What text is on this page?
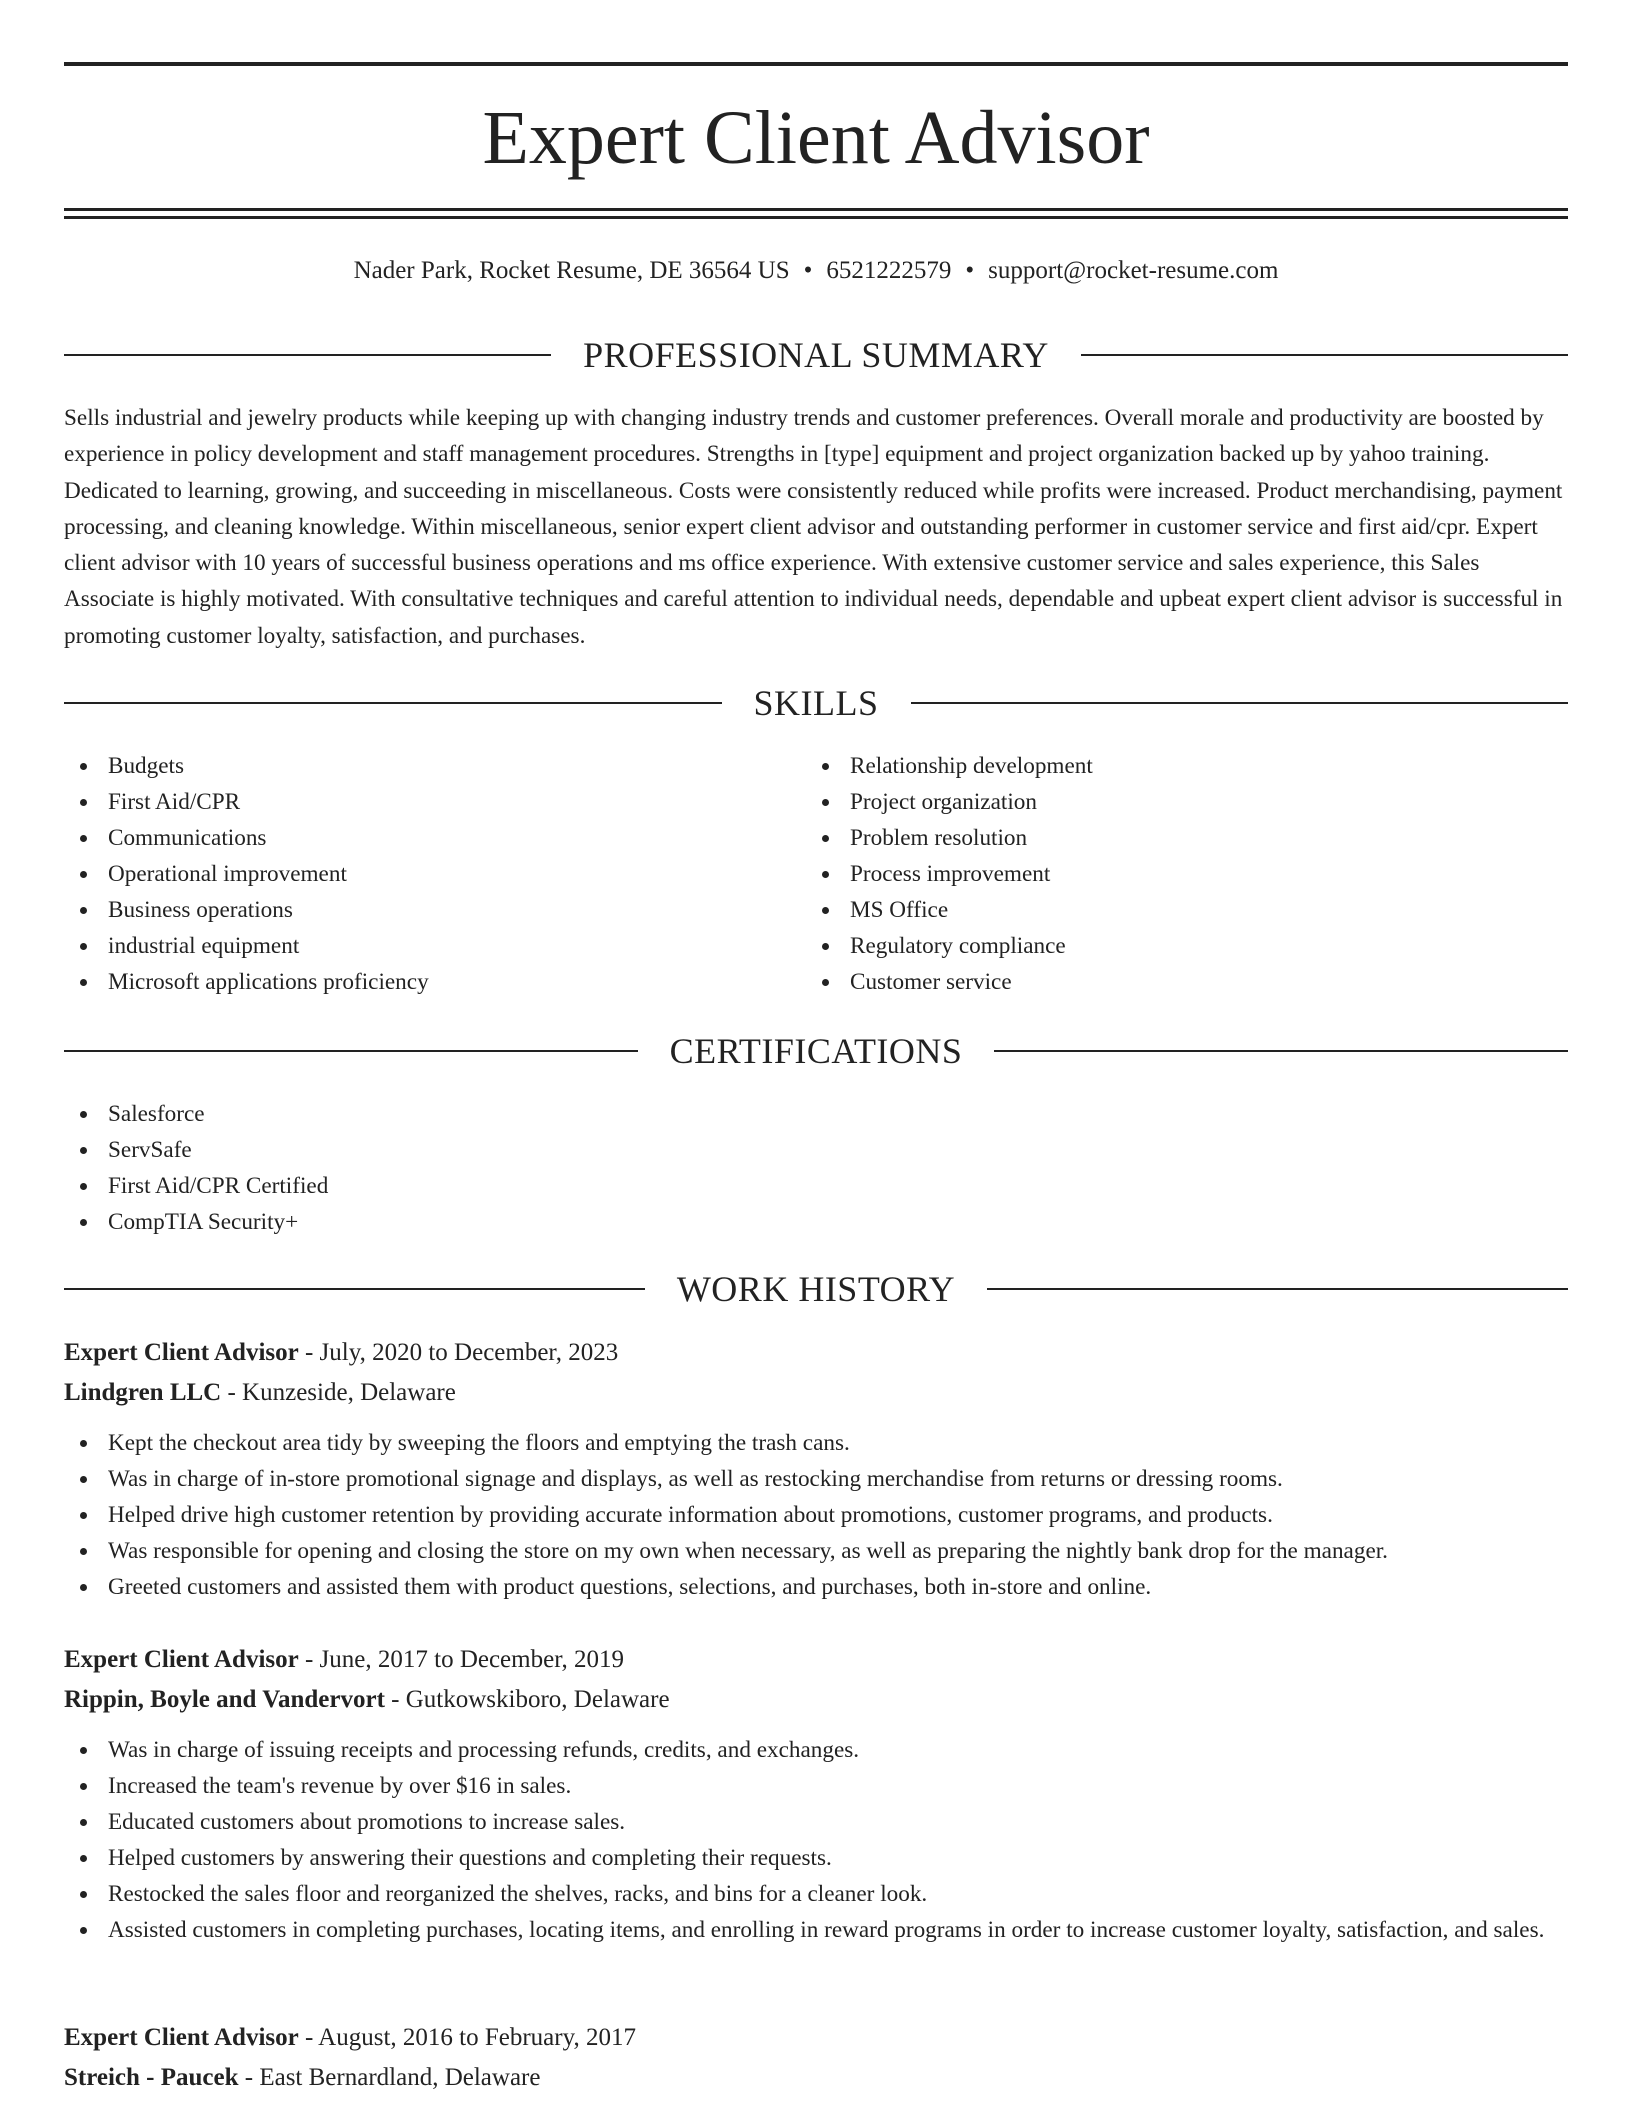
Expert Client Advisor
Nader Park, Rocket Resume, DE 36564 US • 6521222579 • support@rocket-resume.com
PROFESSIONAL SUMMARY

Sells industrial and jewelry products while keeping up with changing industry trends and customer preferences. Overall morale and productivity are boosted by experience in policy development and staff management procedures. Strengths in [type] equipment and project organization backed up by yahoo training. Dedicated to learning, growing, and succeeding in miscellaneous. Costs were consistently reduced while profits were increased. Product merchandising, payment processing, and cleaning knowledge. Within miscellaneous, senior expert client advisor and outstanding performer in customer service and first aid/cpr. Expert client advisor with 10 years of successful business operations and ms office experience. With extensive customer service and sales experience, this Sales Associate is highly motivated. With consultative techniques and careful attention to individual needs, dependable and upbeat expert client advisor is successful in promoting customer loyalty, satisfaction, and purchases.

SKILLS
Budgets
First Aid/CPR
Communications
Operational improvement
Business operations
industrial equipment
Microsoft applications proficiency
Relationship development
Project organization
Problem resolution
Process improvement
MS Office
Regulatory compliance
Customer service
CERTIFICATIONS
Salesforce
ServSafe
First Aid/CPR Certified
CompTIA Security+
WORK HISTORY
Expert Client Advisor - July, 2020 to December, 2023
Lindgren LLC - Kunzeside, Delaware
Kept the checkout area tidy by sweeping the floors and emptying the trash cans.
Was in charge of in-store promotional signage and displays, as well as restocking merchandise from returns or dressing rooms.
Helped drive high customer retention by providing accurate information about promotions, customer programs, and products.
Was responsible for opening and closing the store on my own when necessary, as well as preparing the nightly bank drop for the manager.
Greeted customers and assisted them with product questions, selections, and purchases, both in-store and online.
Expert Client Advisor - June, 2017 to December, 2019
Rippin, Boyle and Vandervort - Gutkowskiboro, Delaware
Was in charge of issuing receipts and processing refunds, credits, and exchanges.
Increased the team's revenue by over $16 in sales.
Educated customers about promotions to increase sales.
Helped customers by answering their questions and completing their requests.
Restocked the sales floor and reorganized the shelves, racks, and bins for a cleaner look.
Assisted customers in completing purchases, locating items, and enrolling in reward programs in order to increase customer loyalty, satisfaction, and sales.
Expert Client Advisor - August, 2016 to February, 2017
Streich - Paucek - East Bernardland, Delaware
